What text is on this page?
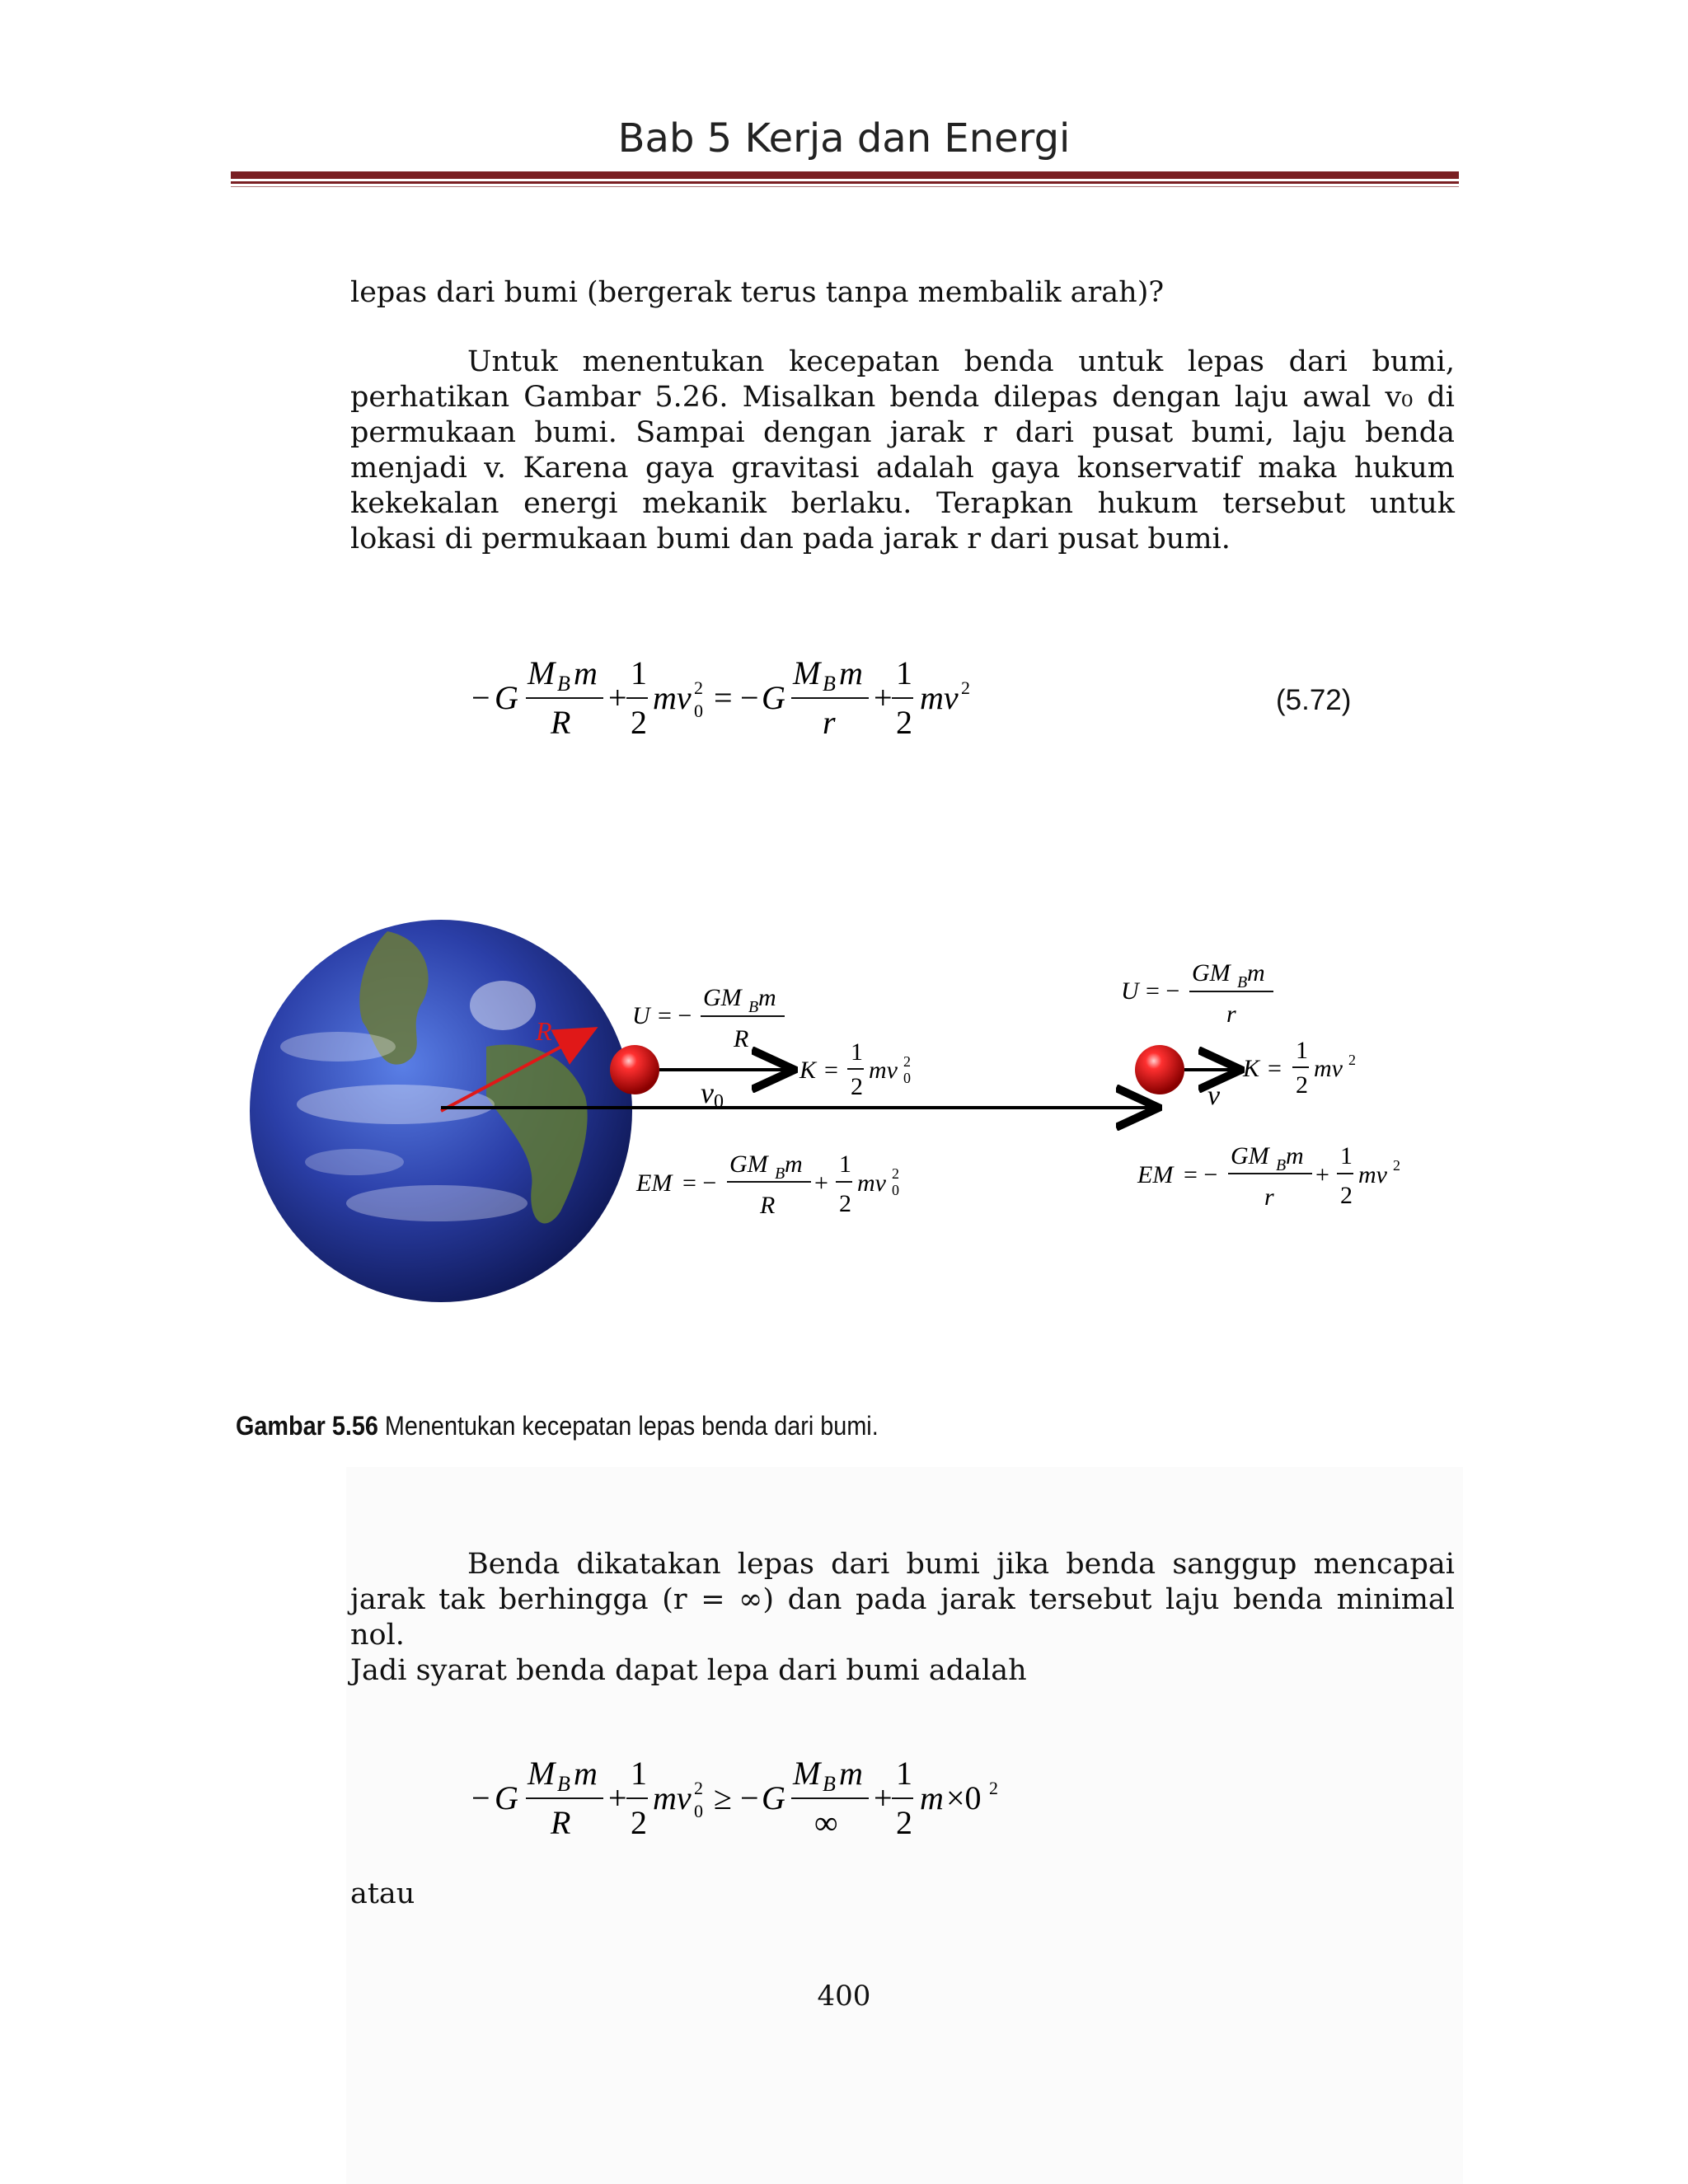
Bab 5 Kerja dan Energi
lepas dari bumi (bergerak terus tanpa membalik arah)?
Untuk menentukan kecepatan benda untuk lepas dari bumi,
perhatikan Gambar 5.26. Misalkan benda dilepas dengan laju awal v₀ di
permukaan bumi. Sampai dengan jarak r dari pusat bumi, laju benda
menjadi v. Karena gaya gravitasi adalah gaya konservatif maka hukum
kekekalan energi mekanik berlaku. Terapkan hukum tersebut untuk
lokasi di permukaan bumi dan pada jarak r dari pusat bumi.
− G
M B m
R
+
1
2
mv 2
0 = − G
M B m
r
+
1
2
mv 2	(5.72)
R
v0	v
U = −
GM B m
R
K =
1
2
mv 2
0
EM = −
GM B m
R
+
1
2
mv 2
0
U = −
GM B m
r
K =
1
2
mv 2
EM = −
GM B m
r
+
1
2
mv 2
Gambar 5.56 Menentukan kecepatan lepas benda dari bumi.
Benda dikatakan lepas dari bumi jika benda sanggup mencapai
jarak tak berhingga (r = ∞) dan pada jarak tersebut laju benda minimal nol.
Jadi syarat benda dapat lepa dari bumi adalah
− G
M B m
R
+
1
2
mv 2
0 ≥ − G
M B m
∞
+
1
2
m ×0 2
atau
400
